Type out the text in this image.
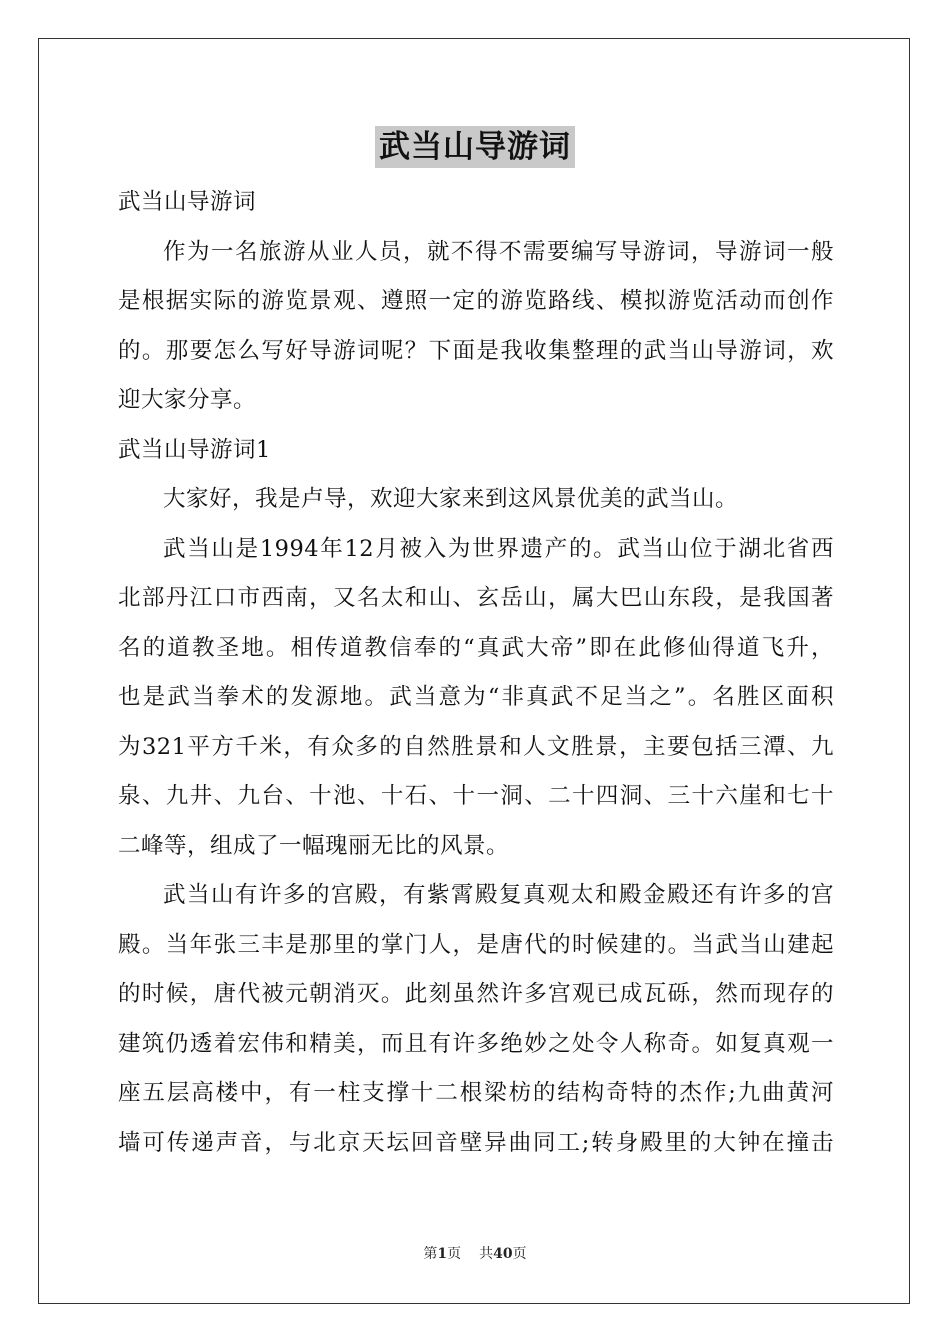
武当山导游词
武当山导游词
作为一名旅游从业人员，就不得不需要编写导游词，导游词一般
是根据实际的游览景观、遵照一定的游览路线、模拟游览活动而创作
的。那要怎么写好导游词呢？下面是我收集整理的武当山导游词，欢
迎大家分享。
武当山导游词1
大家好，我是卢导，欢迎大家来到这风景优美的武当山。
武当山是1994年12月被入为世界遗产的。武当山位于湖北省西
北部丹江口市西南，又名太和山、玄岳山，属大巴山东段，是我国著
名的道教圣地。相传道教信奉的“真武大帝”即在此修仙得道飞升，
也是武当拳术的发源地。武当意为“非真武不足当之”。名胜区面积
为321平方千米，有众多的自然胜景和人文胜景，主要包括三潭、九
泉、九井、九台、十池、十石、十一洞、二十四洞、三十六崖和七十
二峰等，组成了一幅瑰丽无比的风景。
武当山有许多的宫殿，有紫霄殿复真观太和殿金殿还有许多的宫
殿。当年张三丰是那里的掌门人，是唐代的时候建的。当武当山建起
的时候，唐代被元朝消灭。此刻虽然许多宫观已成瓦砾，然而现存的
建筑仍透着宏伟和精美，而且有许多绝妙之处令人称奇。如复真观一
座五层高楼中，有一柱支撑十二根梁枋的结构奇特的杰作;九曲黄河
墙可传递声音，与北京天坛回音壁异曲同工;转身殿里的大钟在撞击
第1页 共40页
